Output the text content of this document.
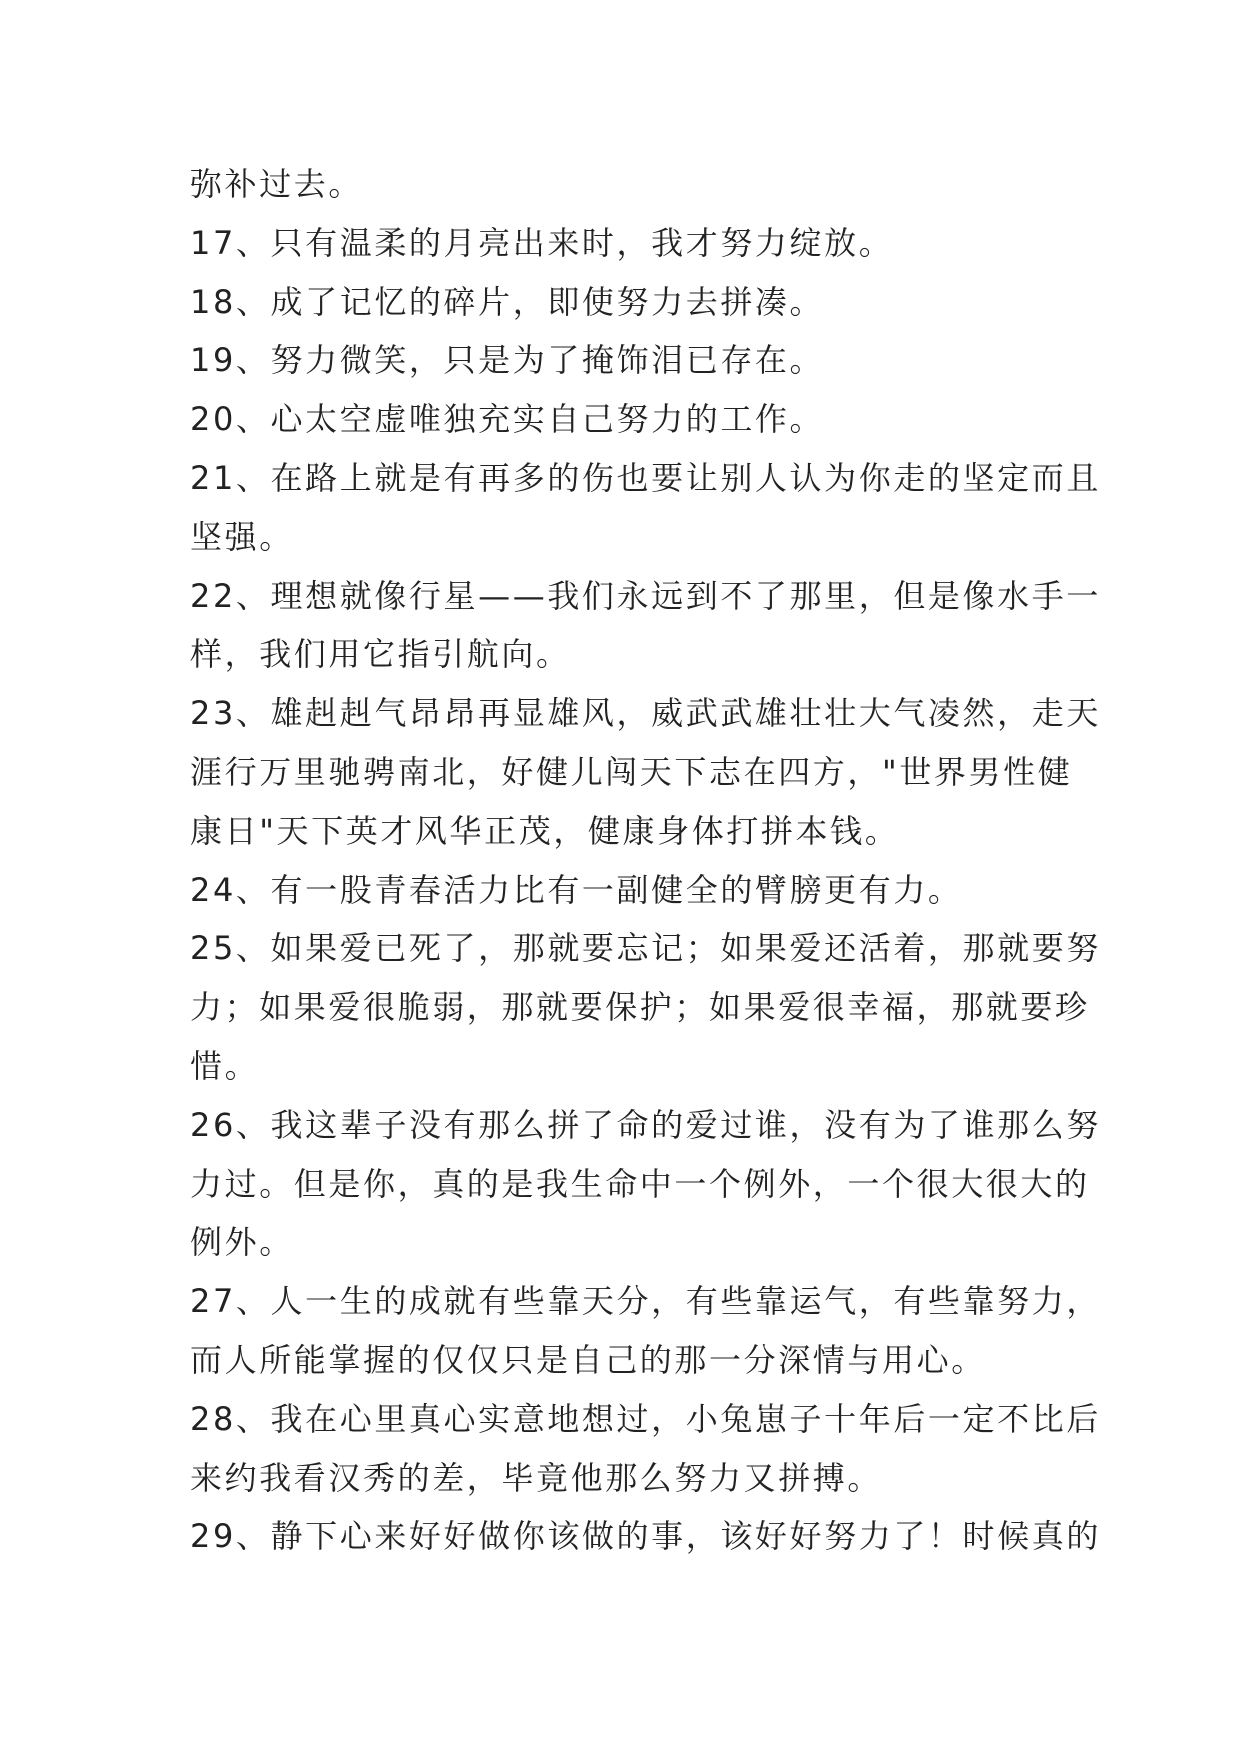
弥补过去。
17、只有温柔的月亮出来时，我才努力绽放。
18、成了记忆的碎片，即使努力去拼凑。
19、努力微笑，只是为了掩饰泪已存在。
20、心太空虚唯独充实自己努力的工作。
21、在路上就是有再多的伤也要让别人认为你走的坚定而且
坚强。
22、理想就像行星——我们永远到不了那里，但是像水手一
样，我们用它指引航向。
23、雄赳赳气昂昂再显雄风，威武武雄壮壮大气凌然，走天
涯行万里驰骋南北，好健儿闯天下志在四方，"世界男性健
康日"天下英才风华正茂，健康身体打拼本钱。
24、有一股青春活力比有一副健全的臂膀更有力。
25、如果爱已死了，那就要忘记；如果爱还活着，那就要努
力；如果爱很脆弱，那就要保护；如果爱很幸福，那就要珍
惜。
26、我这辈子没有那么拼了命的爱过谁，没有为了谁那么努
力过。但是你，真的是我生命中一个例外，一个很大很大的
例外。
27、人一生的成就有些靠天分，有些靠运气，有些靠努力，
而人所能掌握的仅仅只是自己的那一分深情与用心。
28、我在心里真心实意地想过，小兔崽子十年后一定不比后
来约我看汉秀的差，毕竟他那么努力又拼搏。
29、静下心来好好做你该做的事，该好好努力了！时候真的
